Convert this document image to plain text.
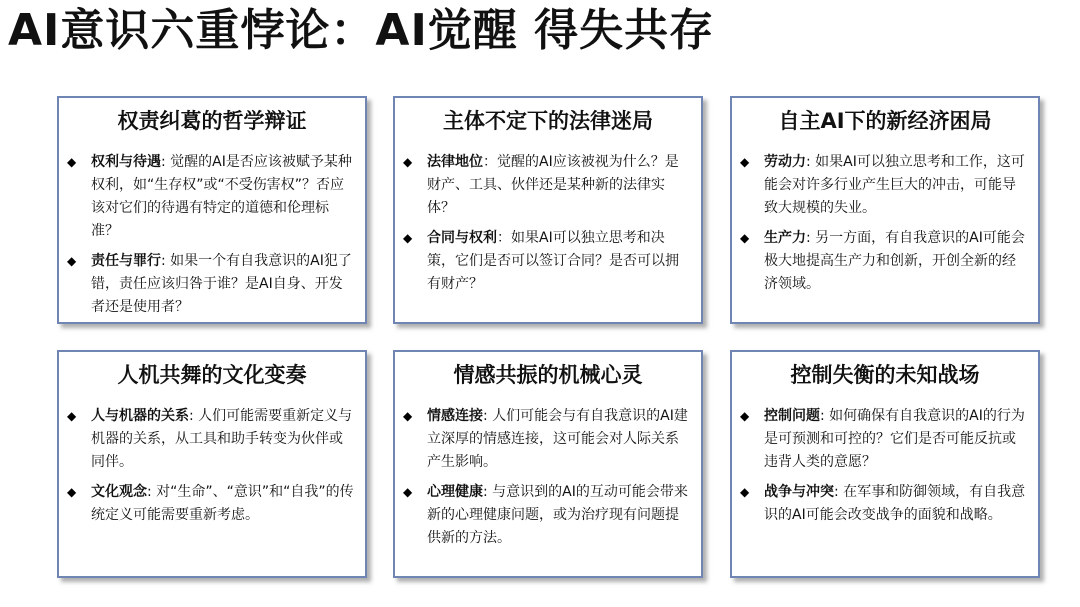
AI意识六重悖论：AI觉醒 得失共存
权责纠葛的哲学辩证
◆	权利与待遇: 觉醒的AI是否应该被赋予某种权利，如“生存权”或“不受伤害权”？否应该对它们的待遇有特定的道德和伦理标准？
◆	责任与罪行: 如果一个有自我意识的AI犯了错，责任应该归咎于谁？是AI自身、开发者还是使用者？
主体不定下的法律迷局
◆	法律地位：觉醒的AI应该被视为什么？是财产、工具、伙伴还是某种新的法律实体？
◆	合同与权利：如果AI可以独立思考和决策，它们是否可以签订合同？是否可以拥有财产？
自主AI下的新经济困局
◆	劳动力: 如果AI可以独立思考和工作，这可能会对许多行业产生巨大的冲击，可能导致大规模的失业。
◆	生产力: 另一方面，有自我意识的AI可能会极大地提高生产力和创新，开创全新的经济领域。
人机共舞的文化变奏
◆	人与机器的关系: 人们可能需要重新定义与机器的关系，从工具和助手转变为伙伴或同伴。
◆	文化观念: 对“生命”、“意识”和“自我”的传统定义可能需要重新考虑。
情感共振的机械心灵
◆	情感连接: 人们可能会与有自我意识的AI建立深厚的情感连接，这可能会对人际关系产生影响。
◆	心理健康: 与意识到的AI的互动可能会带来新的心理健康问题，或为治疗现有问题提供新的方法。
控制失衡的未知战场
◆	控制问题: 如何确保有自我意识的AI的行为是可预测和可控的？它们是否可能反抗或违背人类的意愿？
◆	战争与冲突: 在军事和防御领域，有自我意识的AI可能会改变战争的面貌和战略。
